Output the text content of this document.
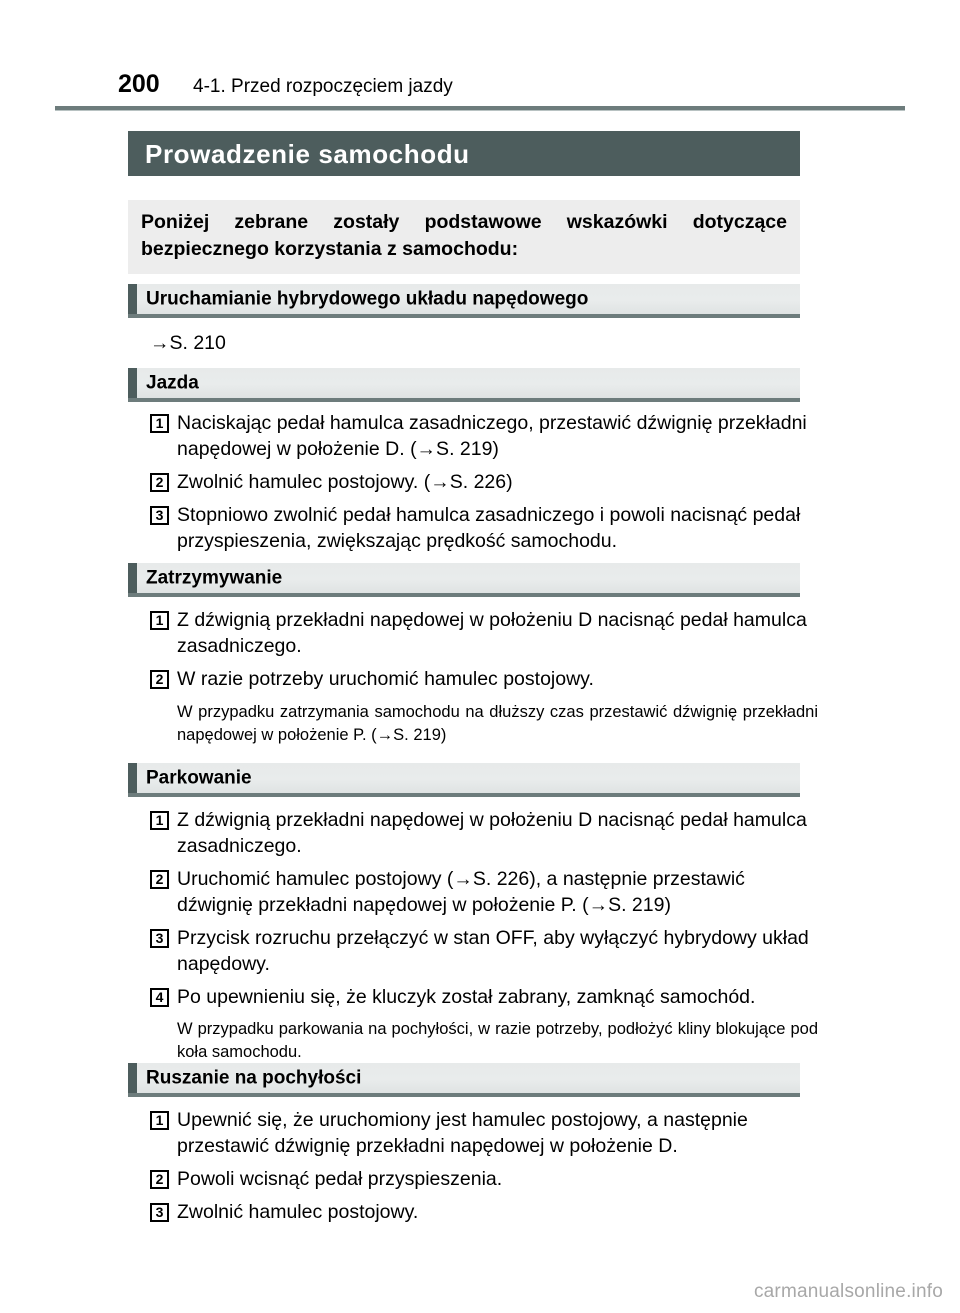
200 4-1. Przed rozpoczęciem jazdy
Prowadzenie samochodu

Poniżej zebrane zostały podstawowe wskazówki dotyczące bezpiecznego korzystania z samochodu:

Uruchamianie hybrydowego układu napędowego
→S. 210
Jazda
1 Naciskając pedał hamulca zasadniczego, przestawić dźwignię przekładni napędowej w położenie D. (→S. 219)
2 Zwolnić hamulec postojowy. (→S. 226)
3 Stopniowo zwolnić pedał hamulca zasadniczego i powoli nacisnąć pedał przyspieszenia, zwiększając prędkość samochodu.
Zatrzymywanie
1 Z dźwignią przekładni napędowej w położeniu D nacisnąć pedał hamulca zasadniczego.
2 W razie potrzeby uruchomić hamulec postojowy.
W przypadku zatrzymania samochodu na dłuższy czas przestawić dźwignię przekładni napędowej w położenie P. (→S. 219)
Parkowanie
1 Z dźwignią przekładni napędowej w położeniu D nacisnąć pedał hamulca zasadniczego.
2 Uruchomić hamulec postojowy (→S. 226), a następnie przestawić dźwignię przekładni napędowej w położenie P. (→S. 219)
3 Przycisk rozruchu przełączyć w stan OFF, aby wyłączyć hybrydowy układ napędowy.
4 Po upewnieniu się, że kluczyk został zabrany, zamknąć samochód.
W przypadku parkowania na pochyłości, w razie potrzeby, podłożyć kliny blokujące pod koła samochodu.
Ruszanie na pochyłości
1 Upewnić się, że uruchomiony jest hamulec postojowy, a następnie przestawić dźwignię przekładni napędowej w położenie D.
2 Powoli wcisnąć pedał przyspieszenia.
3 Zwolnić hamulec postojowy.
carmanualsonline.info
